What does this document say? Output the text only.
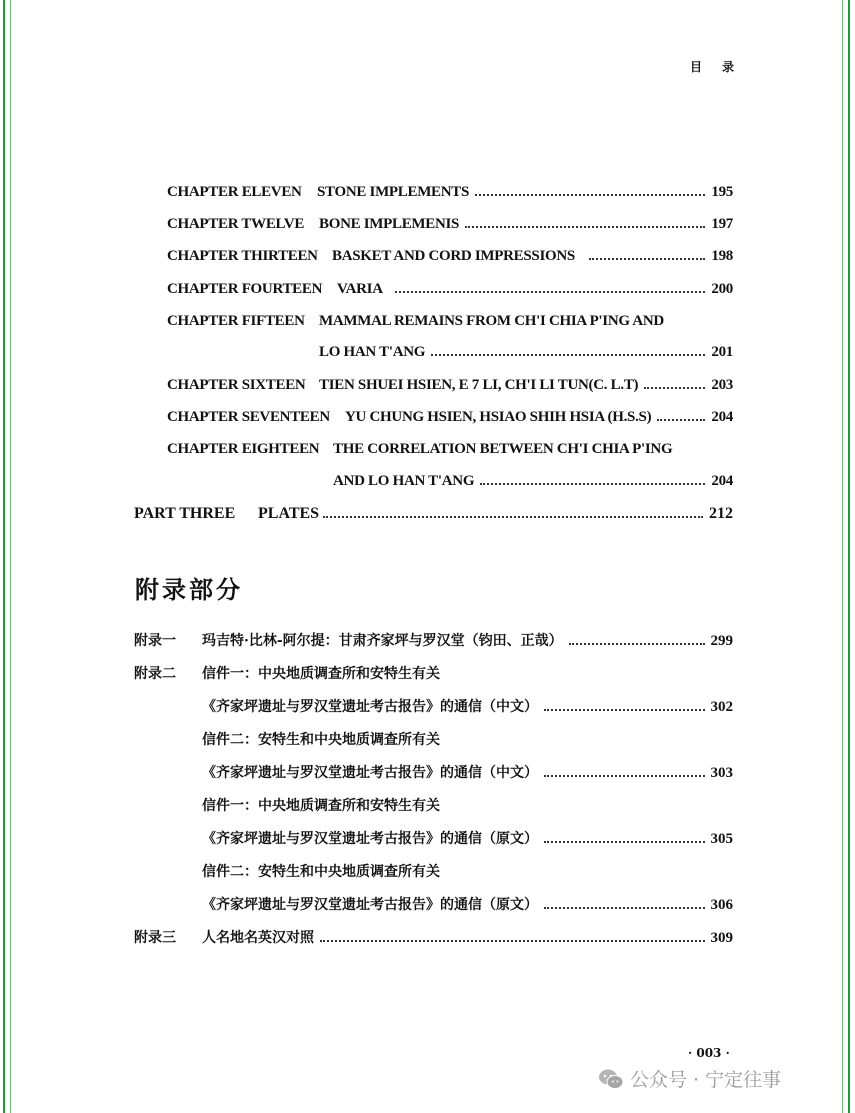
目 录
CHAPTER ELEVEN	STONE IMPLEMENTS	195
CHAPTER TWELVE BONE IMPLEMENIS	197
CHAPTER THIRTEEN BASKET AND CORD IMPRESSIONS	198
CHAPTER FOURTEEN VARIA	200
CHAPTER FIFTEEN MAMMAL REMAINS FROM CH'I CHIA P'ING AND
LO HAN T'ANG	201
CHAPTER SIXTEEN TIEN SHUEI HSIEN, E 7 LI, CH'I LI TUN(C. L.T)	203
CHAPTER SEVENTEEN	YU CHUNG HSIEN, HSIAO SHIH HSIA (H.S.S)	204
CHAPTER EIGHTEEN THE CORRELATION BETWEEN CH'I CHIA P'ING
AND LO HAN T'ANG	204
PART THREE	PLATES	212
附录部分
附录一	玛吉特·比林-阿尔提：甘肃齐家坪与罗汉堂（钧田、正哉）	299
附录二	信件一：中央地质调查所和安特生有关
《齐家坪遗址与罗汉堂遗址考古报告》的通信（中文）	302
信件二：安特生和中央地质调查所有关
《齐家坪遗址与罗汉堂遗址考古报告》的通信（中文）	303
信件一：中央地质调查所和安特生有关
《齐家坪遗址与罗汉堂遗址考古报告》的通信（原文）	305
信件二：安特生和中央地质调查所有关
《齐家坪遗址与罗汉堂遗址考古报告》的通信（原文）	306
附录三	人名地名英汉对照	309
· 003 ·
公众号 · 宁定往事
